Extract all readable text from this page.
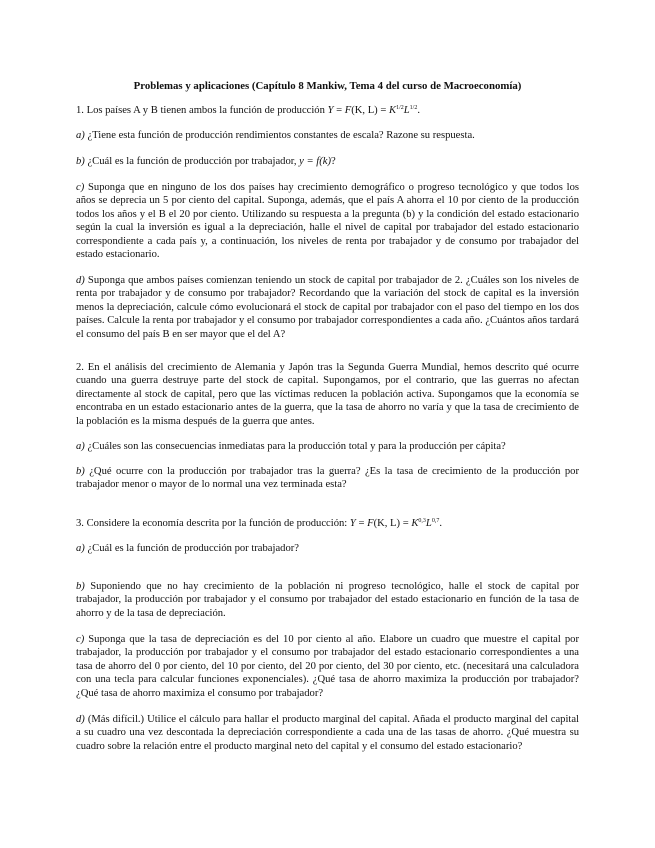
Problemas y aplicaciones (Capítulo 8 Mankiw, Tema 4 del curso de Macroeconomía)

1. Los países A y B tienen ambos la función de producción Y = F(K, $L) = K^{1/2}L^{1/2}$.

a) ¿Tiene esta función de producción rendimientos constantes de escala? Razone su respuesta.

b) ¿Cuál es la función de producción por trabajador, y = f(k)?

c) Suponga que en ninguno de los dos países hay crecimiento demográfico o progreso tecnológico y que todos los años se deprecia un 5 por ciento del capital. Suponga, además, que el país A ahorra el 10 por ciento de la producción todos los años y el B el 20 por ciento. Utilizando su respuesta a la pregunta (b) y la condición del estado estacionario según la cual la inversión es igual a la depreciación, halle el nivel de capital por trabajador del estado estacionario correspondiente a cada país y, a continuación, los niveles de renta por trabajador y de consumo por trabajador del estado estacionario.

d) Suponga que ambos países comienzan teniendo un stock de capital por trabajador de 2. ¿Cuáles son los niveles de renta por trabajador y de consumo por trabajador? Recordando que la variación del stock de capital es la inversión menos la depreciación, calcule cómo evolucionará el stock de capital por trabajador con el paso del tiempo en los dos países. Calcule la renta por trabajador y el consumo por trabajador correspondientes a cada año. ¿Cuántos años tardará el consumo del país B en ser mayor que el del A?

2. En el análisis del crecimiento de Alemania y Japón tras la Segunda Guerra Mundial, hemos descrito qué ocurre cuando una guerra destruye parte del stock de capital. Supongamos, por el contrario, que las guerras no afectan directamente al stock de capital, pero que las víctimas reducen la población activa. Supongamos que la economía se encontraba en un estado estacionario antes de la guerra, que la tasa de ahorro no varía y que la tasa de crecimiento de la población es la misma después de la guerra que antes.

a) ¿Cuáles son las consecuencias inmediatas para la producción total y para la producción per cápita?

b) ¿Qué ocurre con la producción por trabajador tras la guerra? ¿Es la tasa de crecimiento de la producción por trabajador menor o mayor de lo normal una vez terminada esta?

3. Considere la economía descrita por la función de producción: Y = F(K, $L) = K^{0,3}L^{0,7}$.

a) ¿Cuál es la función de producción por trabajador?

b) Suponiendo que no hay crecimiento de la población ni progreso tecnológico, halle el stock de capital por trabajador, la producción por trabajador y el consumo por trabajador del estado estacionario en función de la tasa de ahorro y de la tasa de depreciación.

c) Suponga que la tasa de depreciación es del 10 por ciento al año. Elabore un cuadro que muestre el capital por trabajador, la producción por trabajador y el consumo por trabajador del estado estacionario correspondientes a una tasa de ahorro del 0 por ciento, del 10 por ciento, del 20 por ciento, del 30 por ciento, etc. (necesitará una calculadora con una tecla para calcular funciones exponenciales). ¿Qué tasa de ahorro maximiza la producción por trabajador? ¿Qué tasa de ahorro maximiza el consumo por trabajador?

d) (Más difícil.) Utilice el cálculo para hallar el producto marginal del capital. Añada el producto marginal del capital a su cuadro una vez descontada la depreciación correspondiente a cada una de las tasas de ahorro. ¿Qué muestra su cuadro sobre la relación entre el producto marginal neto del capital y el consumo del estado estacionario?
